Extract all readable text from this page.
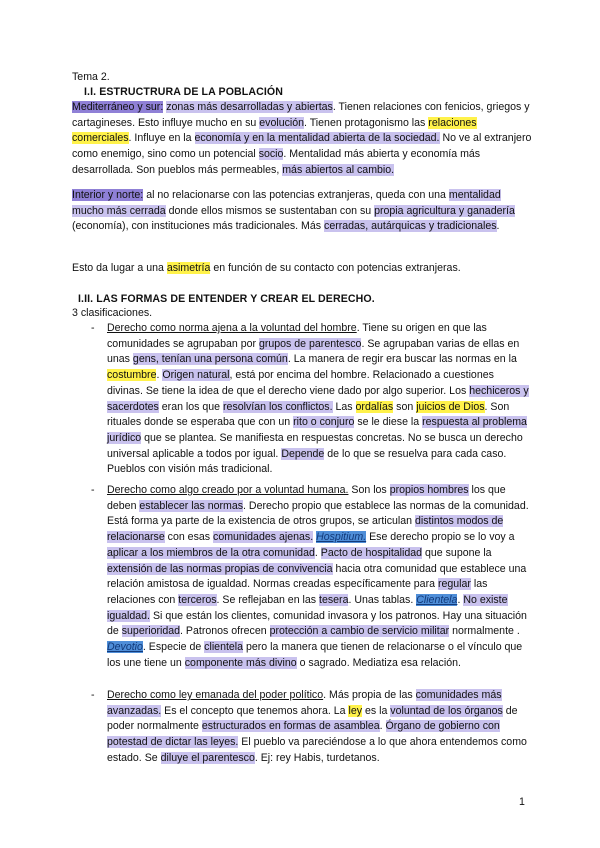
Tema 2.
I.I. ESTRUCTRURA DE LA POBLACIÓN
Mediterráneo y sur: zonas más desarrolladas y abiertas. Tienen relaciones con fenicios, griegos y cartagineses. Esto influye mucho en su evolución. Tienen protagonismo las relaciones comerciales. Influye en la economía y en la mentalidad abierta de la sociedad. No ve al extranjero como enemigo, sino como un potencial socio. Mentalidad más abierta y economía más desarrollada. Son pueblos más permeables, más abiertos al cambio.
Interior y norte: al no relacionarse con las potencias extranjeras, queda con una mentalidad mucho más cerrada donde ellos mismos se sustentaban con su propia agricultura y ganadería (economía), con instituciones más tradicionales. Más cerradas, autárquicas y tradicionales.
Esto da lugar a una asimetría en función de su contacto con potencias extranjeras.
I.II. LAS FORMAS DE ENTENDER Y CREAR EL DERECHO.
3 clasificaciones.
- Derecho como norma ajena a la voluntad del hombre. Tiene su origen en que las comunidades se agrupaban por grupos de parentesco. Se agrupaban varias de ellas en unas gens, tenían una persona común. La manera de regir era buscar las normas en la costumbre. Origen natural, está por encima del hombre. Relacionado a cuestiones divinas. Se tiene la idea de que el derecho viene dado por algo superior. Los hechiceros y sacerdotes eran los que resolvían los conflictos. Las ordalías son juicios de Dios. Son rituales donde se esperaba que con un rito o conjuro se le diese la respuesta al problema jurídico que se plantea. Se manifiesta en respuestas concretas. No se busca un derecho universal aplicable a todos por igual. Depende de lo que se resuelva para cada caso. Pueblos con visión más tradicional.
- Derecho como algo creado por a voluntad humana. Son los propios hombres los que deben establecer las normas. Derecho propio que establece las normas de la comunidad. Está forma ya parte de la existencia de otros grupos, se articulan distintos modos de relacionarse con esas comunidades ajenas. Hospitium. Ese derecho propio se lo voy a aplicar a los miembros de la otra comunidad. Pacto de hospitalidad que supone la extensión de las normas propias de convivencia hacia otra comunidad que establece una relación amistosa de igualdad. Normas creadas específicamente para regular las relaciones con terceros. Se reflejaban en las tesera. Unas tablas. Clientela. No existe igualdad. Si que están los clientes, comunidad invasora y los patronos. Hay una situación de superioridad. Patronos ofrecen protección a cambio de servicio militar normalmente . Devotio. Especie de clientela pero la manera que tienen de relacionarse o el vínculo que los une tiene un componente más divino o sagrado. Mediatiza esa relación.
- Derecho como ley emanada del poder político. Más propia de las comunidades más avanzadas. Es el concepto que tenemos ahora. La ley es la voluntad de los órganos de poder normalmente estructurados en formas de asamblea. Órgano de gobierno con potestad de dictar las leyes. El pueblo va pareciéndose a lo que ahora entendemos como estado. Se diluye el parentesco. Ej: rey Habis, turdetanos.
1
